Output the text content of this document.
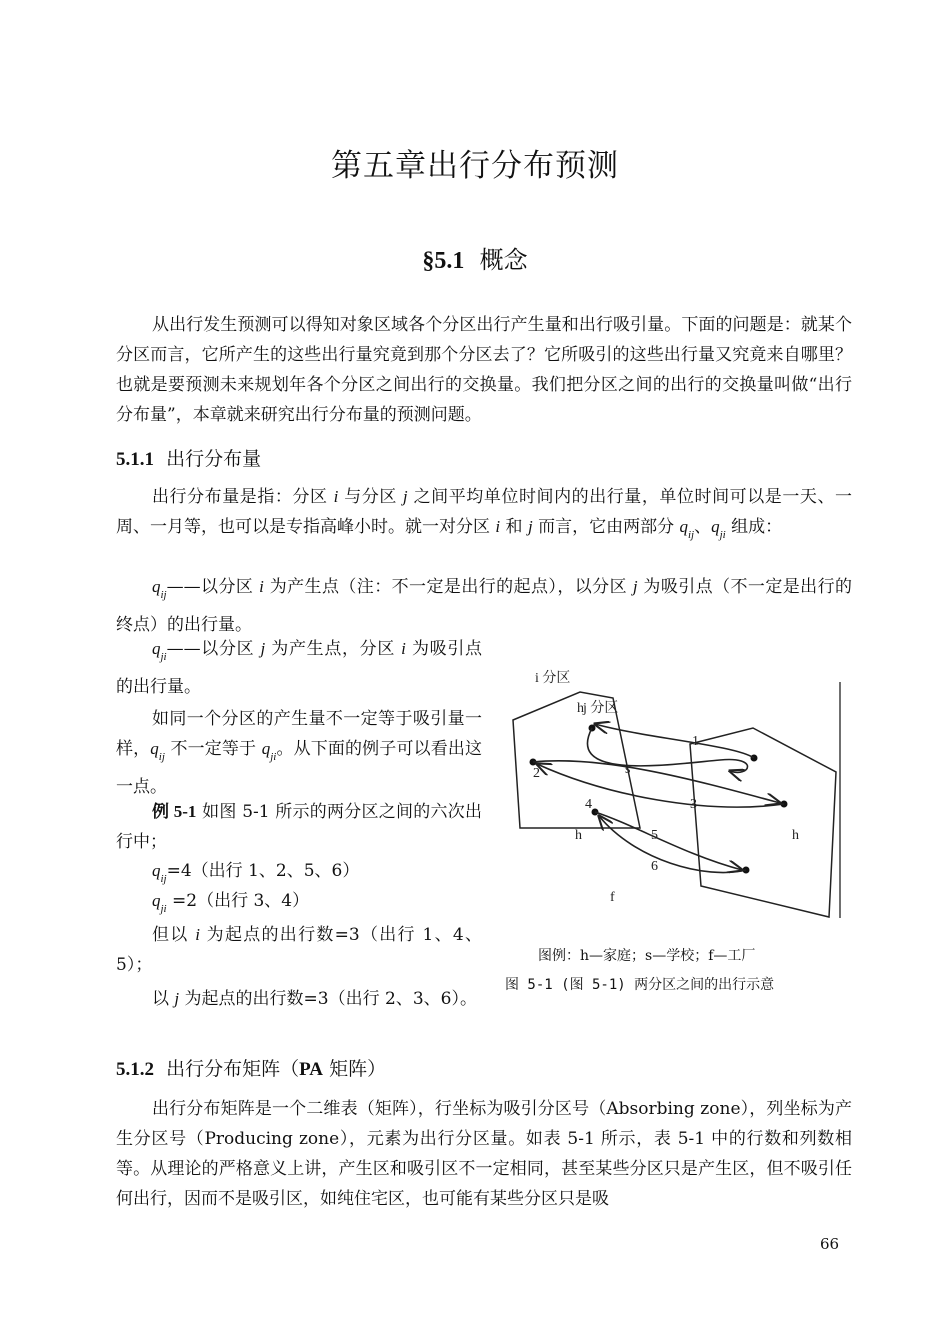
第五章出行分布预测
§5.1 概念
从出行发生预测可以得知对象区域各个分区出行产生量和出行吸引量。下面的问题是：就某个分区而言，它所产生的这些出行量究竟到那个分区去了？它所吸引的这些出行量又究竟来自哪里？也就是要预测未来规划年各个分区之间出行的交换量。我们把分区之间的出行的交换量叫做“出行分布量”，本章就来研究出行分布量的预测问题。
5.1.1 出行分布量
出行分布量是指：分区 i 与分区 j 之间平均单位时间内的出行量，单位时间可以是一天、一周、一月等，也可以是专指高峰小时。就一对分区 i 和 j 而言，它由两部分 $q_{ij}$、$q_{ji}$ 组成：
$q_{ij}——$以分区 i 为产生点（注：不一定是出行的起点），以分区 j 为吸引点（不一定是出行的终点）的出行量。
$q_{ji}——$以分区 j 为产生点，分区 i 为吸引点的出行量。
如同一个分区的产生量不一定等于吸引量一样，$q_{ij}$ 不一定等于 $q_{ji}$。从下面的例子可以看出这一点。
例 5-1 如图 5-1 所示的两分区之间的六次出行中；
$q_{ij}=4$（出行 1、2、5、6）
$q_{ji} =2$（出行 3、4）
但以 i 为起点的出行数=3（出行 1、4、5）；
以 j 为起点的出行数=3（出行 2、3、6）。
i 分区
h j 分区
1
2	s
3
4
h	5	h
6
f
图例：h—家庭；s—学校；f—工厂
图 5-1 (图 5-1) 两分区之间的出行示意
5.1.2 出行分布矩阵（PA 矩阵）
出行分布矩阵是一个二维表（矩阵），行坐标为吸引分区号（Absorbing zone），列坐标为产生分区号（Producing zone），元素为出行分区量。如表 5-1 所示，表 5-1 中的行数和列数相等。从理论的严格意义上讲，产生区和吸引区不一定相同，甚至某些分区只是产生区，但不吸引任何出行，因而不是吸引区，如纯住宅区，也可能有某些分区只是吸
66
